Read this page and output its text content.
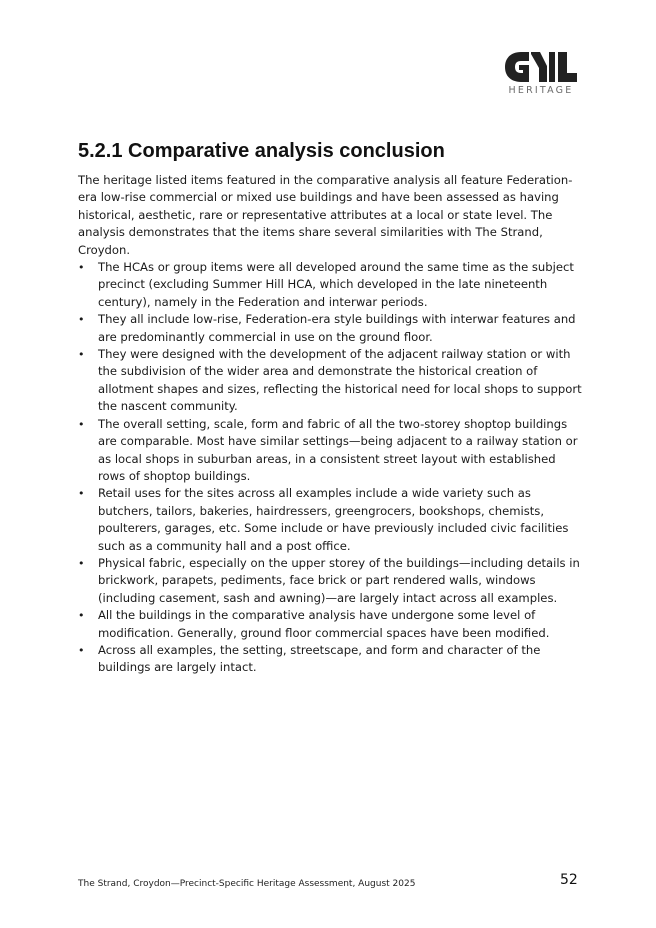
HERITAGE
5.2.1 Comparative analysis conclusion

The heritage listed items featured in the comparative analysis all feature Federation-era low-rise commercial or mixed use buildings and have been assessed as having historical, aesthetic, rare or representative attributes at a local or state level. The analysis demonstrates that the items share several similarities with The Strand, Croydon.

• The HCAs or group items were all developed around the same time as the subject precinct (excluding Summer Hill HCA, which developed in the late nineteenth century), namely in the Federation and interwar periods.
• They all include low-rise, Federation-era style buildings with interwar features and are predominantly commercial in use on the ground floor.
• They were designed with the development of the adjacent railway station or with the subdivision of the wider area and demonstrate the historical creation of allotment shapes and sizes, reflecting the historical need for local shops to support the nascent community.
• The overall setting, scale, form and fabric of all the two-storey shoptop buildings are comparable. Most have similar settings—being adjacent to a railway station or as local shops in suburban areas, in a consistent street layout with established rows of shoptop buildings.
• Retail uses for the sites across all examples include a wide variety such as butchers, tailors, bakeries, hairdressers, greengrocers, bookshops, chemists, poulterers, garages, etc. Some include or have previously included civic facilities such as a community hall and a post office.
• Physical fabric, especially on the upper storey of the buildings—including details in brickwork, parapets, pediments, face brick or part rendered walls, windows (including casement, sash and awning)—are largely intact across all examples.
• All the buildings in the comparative analysis have undergone some level of modification. Generally, ground floor commercial spaces have been modified.
• Across all examples, the setting, streetscape, and form and character of the buildings are largely intact.
The Strand, Croydon—Precinct-Specific Heritage Assessment, August 2025	52
